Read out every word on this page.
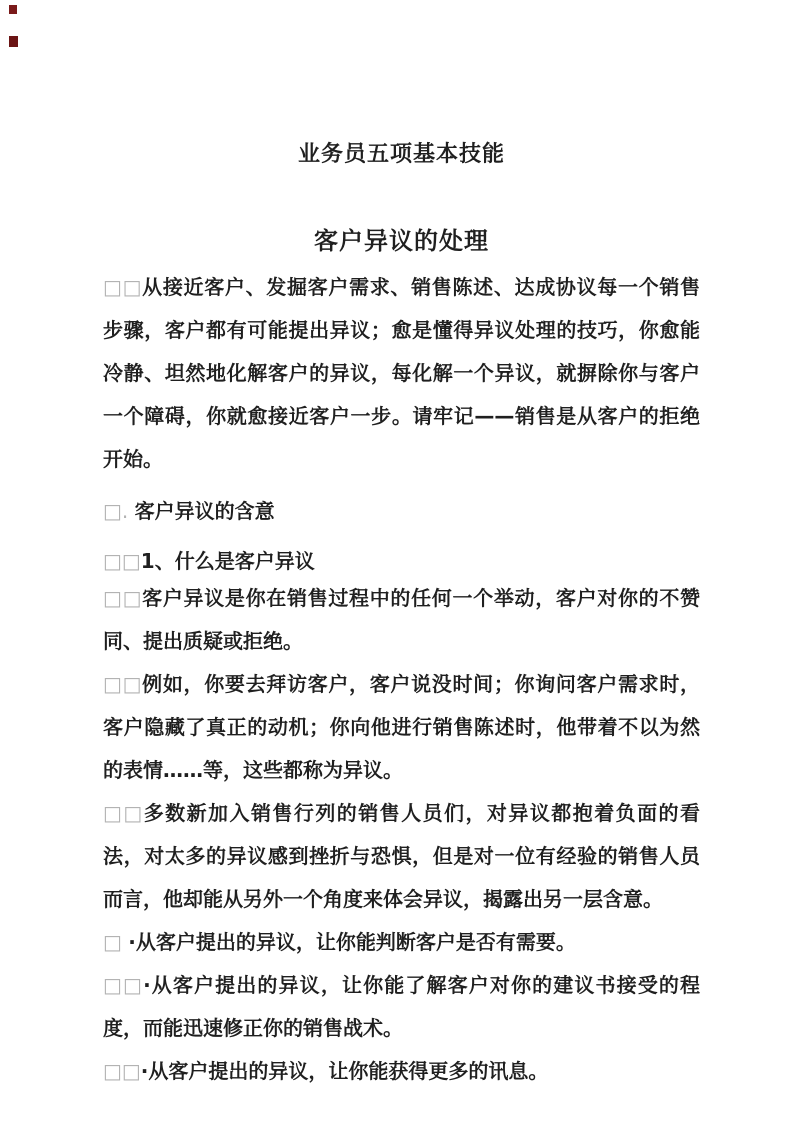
业务员五项基本技能
客户异议的处理

□□从接近客户、发掘客户需求、销售陈述、达成协议每一个销售步骤，客户都有可能提出异议；愈是懂得异议处理的技巧，你愈能冷静、坦然地化解客户的异议，每化解一个异议，就摒除你与客户一个障碍，你就愈接近客户一步。请牢记——销售是从客户的拒绝开始。

□. 客户异议的含意

□□1、什么是客户异议

□□客户异议是你在销售过程中的任何一个举动，客户对你的不赞同、提出质疑或拒绝。

□□例如，你要去拜访客户，客户说没时间；你询问客户需求时，客户隐藏了真正的动机；你向他进行销售陈述时，他带着不以为然的表情……等，这些都称为异议。

□□多数新加入销售行列的销售人员们，对异议都抱着负面的看法，对太多的异议感到挫折与恐惧，但是对一位有经验的销售人员而言，他却能从另外一个角度来体会异议，揭露出另一层含意。

□ ·从客户提出的异议，让你能判断客户是否有需要。

□□·从客户提出的异议，让你能了解客户对你的建议书接受的程度，而能迅速修正你的销售战术。

□□·从客户提出的异议，让你能获得更多的讯息。
